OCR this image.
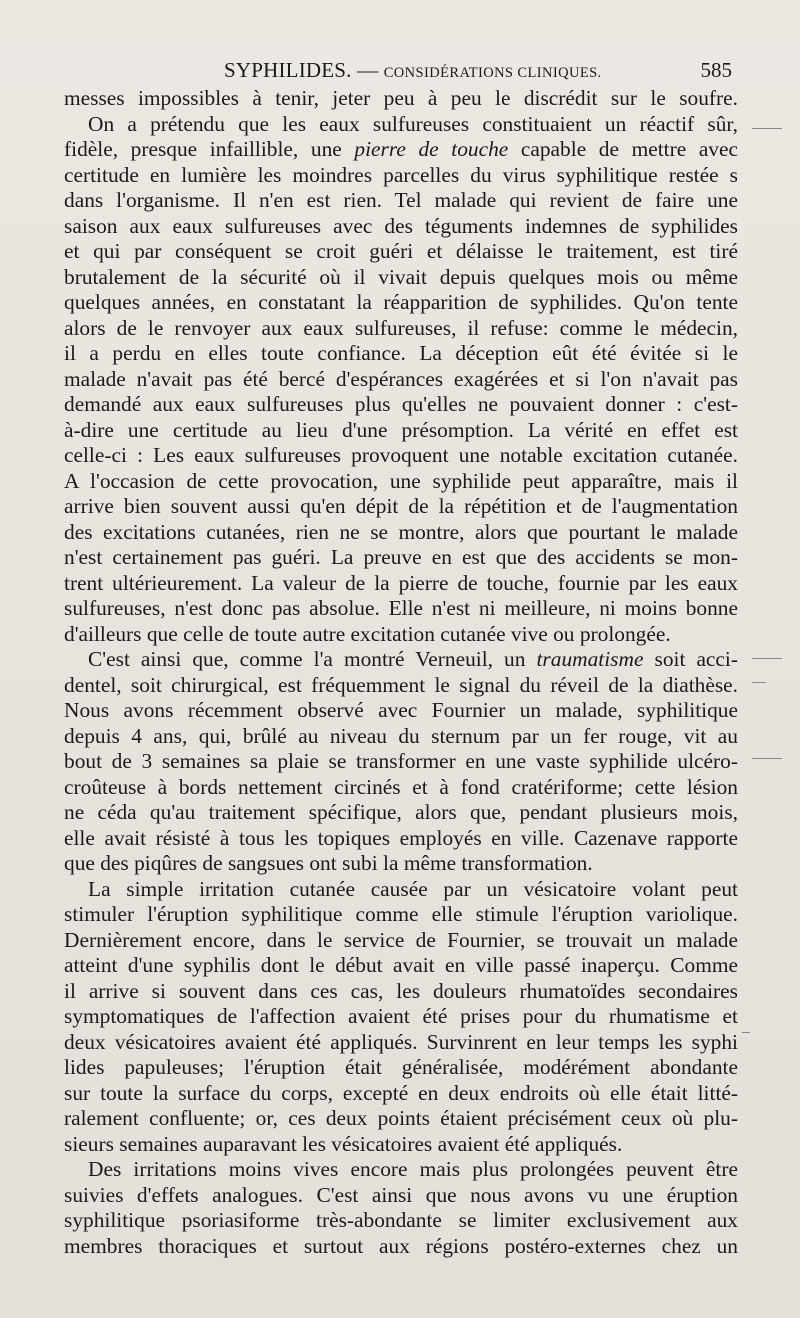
SYPHILIDES. — CONSIDÉRATIONS CLINIQUES.	585
messes impossibles à tenir, jeter peu à peu le discrédit sur le soufre.
On a prétendu que les eaux sulfureuses constituaient un réactif sûr,
fidèle, presque infaillible, une pierre de touche capable de mettre avec
certitude en lumière les moindres parcelles du virus syphilitique restée s
dans l'organisme. Il n'en est rien. Tel malade qui revient de faire une
saison aux eaux sulfureuses avec des téguments indemnes de syphilides
et qui par conséquent se croit guéri et délaisse le traitement, est tiré
brutalement de la sécurité où il vivait depuis quelques mois ou même
quelques années, en constatant la réapparition de syphilides. Qu'on tente
alors de le renvoyer aux eaux sulfureuses, il refuse: comme le médecin,
il a perdu en elles toute confiance. La déception eût été évitée si le
malade n'avait pas été bercé d'espérances exagérées et si l'on n'avait pas
demandé aux eaux sulfureuses plus qu'elles ne pouvaient donner : c'est-
à-dire une certitude au lieu d'une présomption. La vérité en effet est
celle-ci : Les eaux sulfureuses provoquent une notable excitation cutanée.
A l'occasion de cette provocation, une syphilide peut apparaître, mais il
arrive bien souvent aussi qu'en dépit de la répétition et de l'augmentation
des excitations cutanées, rien ne se montre, alors que pourtant le malade
n'est certainement pas guéri. La preuve en est que des accidents se mon-
trent ultérieurement. La valeur de la pierre de touche, fournie par les eaux
sulfureuses, n'est donc pas absolue. Elle n'est ni meilleure, ni moins bonne
d'ailleurs que celle de toute autre excitation cutanée vive ou prolongée.
C'est ainsi que, comme l'a montré Verneuil, un traumatisme soit acci-
dentel, soit chirurgical, est fréquemment le signal du réveil de la diathèse.
Nous avons récemment observé avec Fournier un malade, syphilitique
depuis 4 ans, qui, brûlé au niveau du sternum par un fer rouge, vit au
bout de 3 semaines sa plaie se transformer en une vaste syphilide ulcéro-
croûteuse à bords nettement circinés et à fond cratériforme; cette lésion
ne céda qu'au traitement spécifique, alors que, pendant plusieurs mois,
elle avait résisté à tous les topiques employés en ville. Cazenave rapporte
que des piqûres de sangsues ont subi la même transformation.
La simple irritation cutanée causée par un vésicatoire volant peut
stimuler l'éruption syphilitique comme elle stimule l'éruption variolique.
Dernièrement encore, dans le service de Fournier, se trouvait un malade
atteint d'une syphilis dont le début avait en ville passé inaperçu. Comme
il arrive si souvent dans ces cas, les douleurs rhumatoïdes secondaires
symptomatiques de l'affection avaient été prises pour du rhumatisme et
deux vésicatoires avaient été appliqués. Survinrent en leur temps les syphi
lides papuleuses; l'éruption était généralisée, modérément abondante
sur toute la surface du corps, excepté en deux endroits où elle était litté-
ralement confluente; or, ces deux points étaient précisément ceux où plu-
sieurs semaines auparavant les vésicatoires avaient été appliqués.
Des irritations moins vives encore mais plus prolongées peuvent être
suivies d'effets analogues. C'est ainsi que nous avons vu une éruption
syphilitique psoriasiforme très-abondante se limiter exclusivement aux
membres thoraciques et surtout aux régions postéro-externes chez un
